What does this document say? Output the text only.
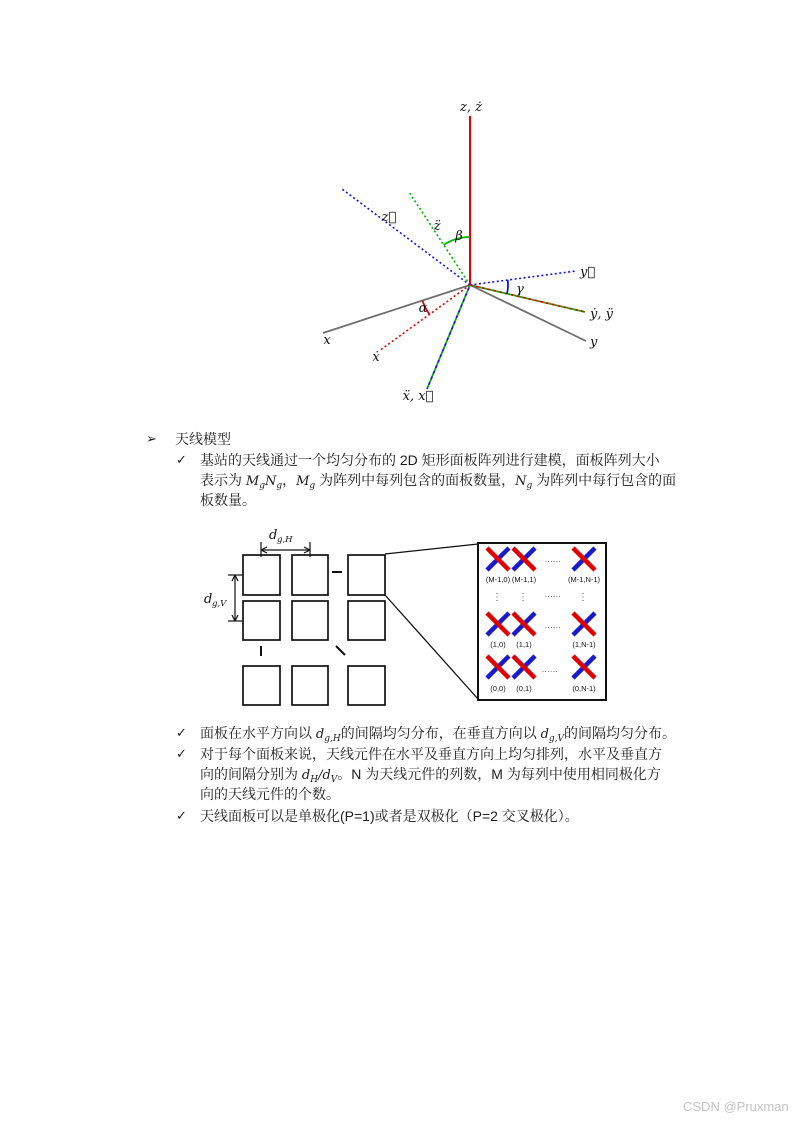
z, ż
z⃛
z̈
β
y⃛
γ
ẏ, ÿ
y
x
ẋ
α
ẍ, x⃛
➢ 天线模型
✓ 基站的天线通过一个均匀分布的 2D 矩形面板阵列进行建模，面板阵列大小
表示为 $M_gN_g$，$M_g$ 为阵列中每列包含的面板数量，$N_g$ 为阵列中每行包含的面
板数量。
d g,H
d g,V
(M-1,0) (M-1,1)	(M-1,N-1)
(1,0) (1,1)	(1,N-1)
(0,0) (0,1)	(0,N-1)
......
......
......
......
⋮ ⋮	⋮
✓ 面板在水平方向以 $d_{g,H}$的间隔均匀分布，在垂直方向以 $d_{g,V}$的间隔均匀分布。
✓ 对于每个面板来说，天线元件在水平及垂直方向上均匀排列，水平及垂直方
向的间隔分别为 $d_H/d_V$。N 为天线元件的列数，M 为每列中使用相同极化方
向的天线元件的个数。
✓ 天线面板可以是单极化(P=1)或者是双极化（P=2 交叉极化）。
CSDN @Pruxman
